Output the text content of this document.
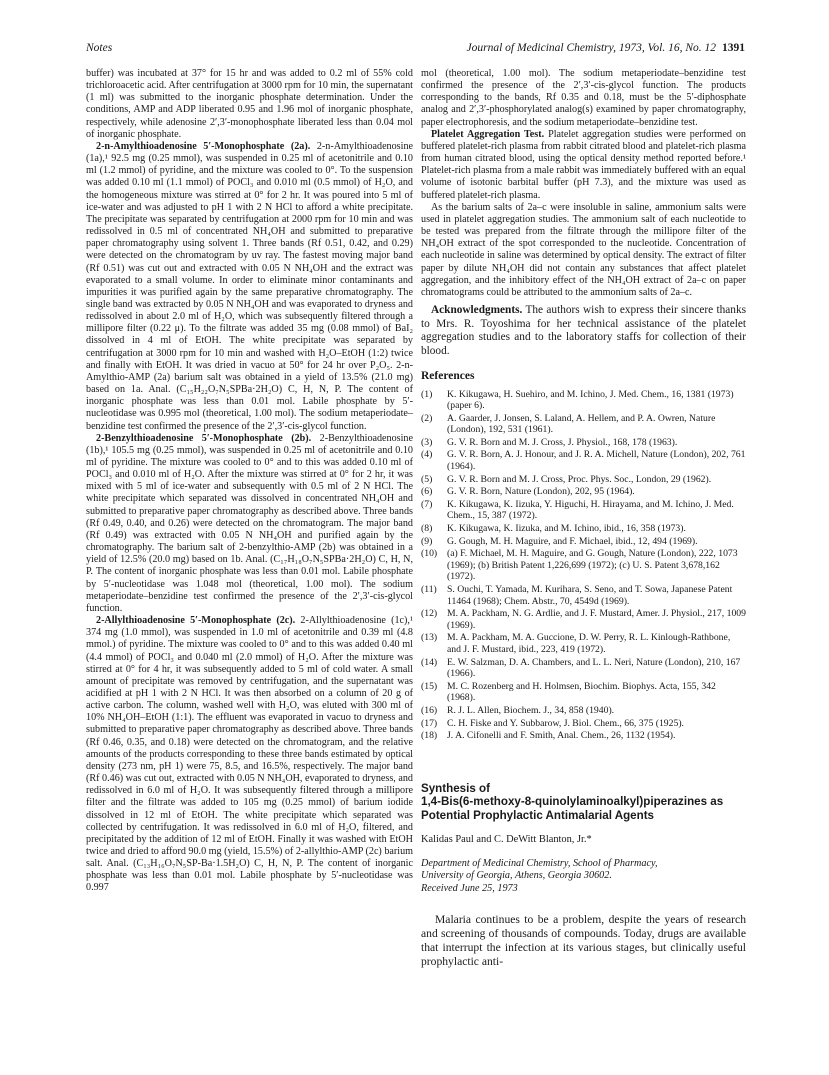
Notes	Journal of Medicinal Chemistry, 1973, Vol. 16, No. 12 1391

buffer) was incubated at 37° for 15 hr and was added to 0.2 ml of 55% cold trichloroacetic acid. After centrifugation at 3000 rpm for 10 min, the supernatant (1 ml) was submitted to the inorganic phosphate determination. Under the conditions, AMP and ADP liberated 0.95 and 1.96 mol of inorganic phosphate, respectively, while adenosine 2′,3′-monophosphate liberated less than 0.04 mol of inorganic phosphate.

2-n-Amylthioadenosine 5′-Monophosphate (2a). 2-n-Amylthioadenosine (1a),¹ 92.5 mg (0.25 mmol), was suspended in 0.25 ml of acetonitrile and 0.10 ml (1.2 mmol) of pyridine, and the mixture was cooled to 0°. To the suspension was added 0.10 ml (1.1 mmol) of POCl₃ and 0.010 ml (0.5 mmol) of H₂O, and the homogeneous mixture was stirred at 0° for 2 hr. It was poured into 5 ml of ice-water and was adjusted to pH 1 with 2 N HCl to afford a white precipitate. The precipitate was separated by centrifugation at 2000 rpm for 10 min and was redissolved in 0.5 ml of concentrated NH₄OH and submitted to preparative paper chromatography using solvent 1. Three bands (Rf 0.51, 0.42, and 0.29) were detected on the chromatogram by uv ray. The fastest moving major band (Rf 0.51) was cut out and extracted with 0.05 N NH₄OH and the extract was evaporated to a small volume. In order to eliminate minor contaminants and impurities it was purified again by the same preparative chromatography. The single band was extracted by 0.05 N NH₄OH and was evaporated to dryness and redissolved in about 2.0 ml of H₂O, which was subsequently filtered through a millipore filter (0.22 μ). To the filtrate was added 35 mg (0.08 mmol) of BaI₂ dissolved in 4 ml of EtOH. The white precipitate was separated by centrifugation at 3000 rpm for 10 min and washed with H₂O–EtOH (1:2) twice and finally with EtOH. It was dried in vacuo at 50° for 24 hr over P₂O₅. 2-n-Amylthio-AMP (2a) barium salt was obtained in a yield of 13.5% (21.0 mg) based on 1a. Anal. (C₁₅H₂₂O₇N₅SPBa·2H₂O) C, H, N, P. The content of inorganic phosphate was less than 0.01 mol. Labile phosphate by 5′-nucleotidase was 0.995 mol (theoretical, 1.00 mol). The sodium metaperiodate–benzidine test confirmed the presence of the 2′,3′-cis-glycol function.

2-Benzylthioadenosine 5′-Monophosphate (2b). 2-Benzylthioadenosine (1b),¹ 105.5 mg (0.25 mmol), was suspended in 0.25 ml of acetonitrile and 0.10 ml of pyridine. The mixture was cooled to 0° and to this was added 0.10 ml of POCl₃ and 0.010 ml of H₂O. After the mixture was stirred at 0° for 2 hr, it was mixed with 5 ml of ice-water and subsequently with 0.5 ml of 2 N HCl. The white precipitate which separated was dissolved in concentrated NH₄OH and submitted to preparative paper chromatography as described above. Three bands (Rf 0.49, 0.40, and 0.26) were detected on the chromatogram. The major band (Rf 0.49) was extracted with 0.05 N NH₄OH and purified again by the chromatography. The barium salt of 2-benzylthio-AMP (2b) was obtained in a yield of 12.5% (20.0 mg) based on 1b. Anal. (C₁₇H₁₈O₇N₅SPBa·2H₂O) C, H, N, P. The content of inorganic phosphate was less than 0.01 mol. Labile phosphate by 5′-nucleotidase was 1.048 mol (theoretical, 1.00 mol). The sodium metaperiodate–benzidine test confirmed the presence of the 2′,3′-cis-glycol function.

2-Allylthioadenosine 5′-Monophosphate (2c). 2-Allylthioadenosine (1c),¹ 374 mg (1.0 mmol), was suspended in 1.0 ml of acetonitrile and 0.39 ml (4.8 mmol.) of pyridine. The mixture was cooled to 0° and to this was added 0.40 ml (4.4 mmol) of POCl₃ and 0.040 ml (2.0 mmol) of H₂O. After the mixture was stirred at 0° for 4 hr, it was subsequently added to 5 ml of cold water. A small amount of precipitate was removed by centrifugation, and the supernatant was acidified at pH 1 with 2 N HCl. It was then absorbed on a column of 20 g of active carbon. The column, washed well with H₂O, was eluted with 300 ml of 10% NH₄OH–EtOH (1:1). The effluent was evaporated in vacuo to dryness and submitted to preparative paper chromatography as described above. Three bands (Rf 0.46, 0.35, and 0.18) were detected on the chromatogram, and the relative amounts of the products corresponding to these three bands estimated by optical density (273 nm, pH 1) were 75, 8.5, and 16.5%, respectively. The major band (Rf 0.46) was cut out, extracted with 0.05 N NH₄OH, evaporated to dryness, and redissolved in 6.0 ml of H₂O. It was subsequently filtered through a millipore filter and the filtrate was added to 105 mg (0.25 mmol) of barium iodide dissolved in 12 ml of EtOH. The white precipitate which separated was collected by centrifugation. It was redissolved in 6.0 ml of H₂O, filtered, and precipitated by the addition of 12 ml of EtOH. Finally it was washed with EtOH twice and dried to afford 90.0 mg (yield, 15.5%) of 2-allylthio-AMP (2c) barium salt. Anal. (C₁₃H₁₆O₇N₅SP-Ba·1.5H₂O) C, H, N, P. The content of inorganic phosphate was less than 0.01 mol. Labile phosphate by 5′-nucleotidase was 0.997

mol (theoretical, 1.00 mol). The sodium metaperiodate–benzidine test confirmed the presence of the 2′,3′-cis-glycol function. The products corresponding to the bands, Rf 0.35 and 0.18, must be the 5′-diphosphate analog and 2′,3′-phosphorylated analog(s) examined by paper chromatography, paper electrophoresis, and the sodium metaperiodate–benzidine test.

Platelet Aggregation Test. Platelet aggregation studies were performed on buffered platelet-rich plasma from rabbit citrated blood and platelet-rich plasma from human citrated blood, using the optical density method reported before.¹ Platelet-rich plasma from a male rabbit was immediately buffered with an equal volume of isotonic barbital buffer (pH 7.3), and the mixture was used as buffered platelet-rich plasma.

As the barium salts of 2a–c were insoluble in saline, ammonium salts were used in platelet aggregation studies. The ammonium salt of each nucleotide to be tested was prepared from the filtrate through the millipore filter of the NH₄OH extract of the spot corresponded to the nucleotide. Concentration of each nucleotide in saline was determined by optical density. The extract of filter paper by dilute NH₄OH did not contain any substances that affect platelet aggregation, and the inhibitory effect of the NH₄OH extract of 2a–c on paper chromatograms could be attributed to the ammonium salts of 2a–c.

Acknowledgments. The authors wish to express their sincere thanks to Mrs. R. Toyoshima for her technical assistance of the platelet aggregation studies and to the laboratory staffs for collection of their blood.

References
(1) K. Kikugawa, H. Suehiro, and M. Ichino, J. Med. Chem., 16, 1381 (1973) (paper 6).
(2) A. Gaarder, J. Jonsen, S. Laland, A. Hellem, and P. A. Owren, Nature (London), 192, 531 (1961).
(3) G. V. R. Born and M. J. Cross, J. Physiol., 168, 178 (1963).
(4) G. V. R. Born, A. J. Honour, and J. R. A. Michell, Nature (London), 202, 761 (1964).
(5) G. V. R. Born and M. J. Cross, Proc. Phys. Soc., London, 29 (1962).
(6) G. V. R. Born, Nature (London), 202, 95 (1964).
(7) K. Kikugawa, K. Iizuka, Y. Higuchi, H. Hirayama, and M. Ichino, J. Med. Chem., 15, 387 (1972).
(8) K. Kikugawa, K. Iizuka, and M. Ichino, ibid., 16, 358 (1973).
(9) G. Gough, M. H. Maguire, and F. Michael, ibid., 12, 494 (1969).
(10) (a) F. Michael, M. H. Maguire, and G. Gough, Nature (London), 222, 1073 (1969); (b) British Patent 1,226,699 (1972); (c) U. S. Patent 3,678,162 (1972).
(11) S. Ouchi, T. Yamada, M. Kurihara, S. Seno, and T. Sowa, Japanese Patent 11464 (1968); Chem. Abstr., 70, 4549d (1969).
(12) M. A. Packham, N. G. Ardlie, and J. F. Mustard, Amer. J. Physiol., 217, 1009 (1969).
(13) M. A. Packham, M. A. Guccione, D. W. Perry, R. L. Kinlough-Rathbone, and J. F. Mustard, ibid., 223, 419 (1972).
(14) E. W. Salzman, D. A. Chambers, and L. L. Neri, Nature (London), 210, 167 (1966).
(15) M. C. Rozenberg and H. Holmsen, Biochim. Biophys. Acta, 155, 342 (1968).
(16) R. J. L. Allen, Biochem. J., 34, 858 (1940).
(17) C. H. Fiske and Y. Subbarow, J. Biol. Chem., 66, 375 (1925).
(18) J. A. Cifonelli and F. Smith, Anal. Chem., 26, 1132 (1954).
Synthesis of
1,4-Bis(6-methoxy-8-quinolylaminoalkyl)piperazines as
Potential Prophylactic Antimalarial Agents
Kalidas Paul and C. DeWitt Blanton, Jr.*
Department of Medicinal Chemistry, School of Pharmacy,
University of Georgia, Athens, Georgia 30602.
Received June 25, 1973

Malaria continues to be a problem, despite the years of research and screening of thousands of compounds. Today, drugs are available that interrupt the infection at its various stages, but clinically useful prophylactic anti-
